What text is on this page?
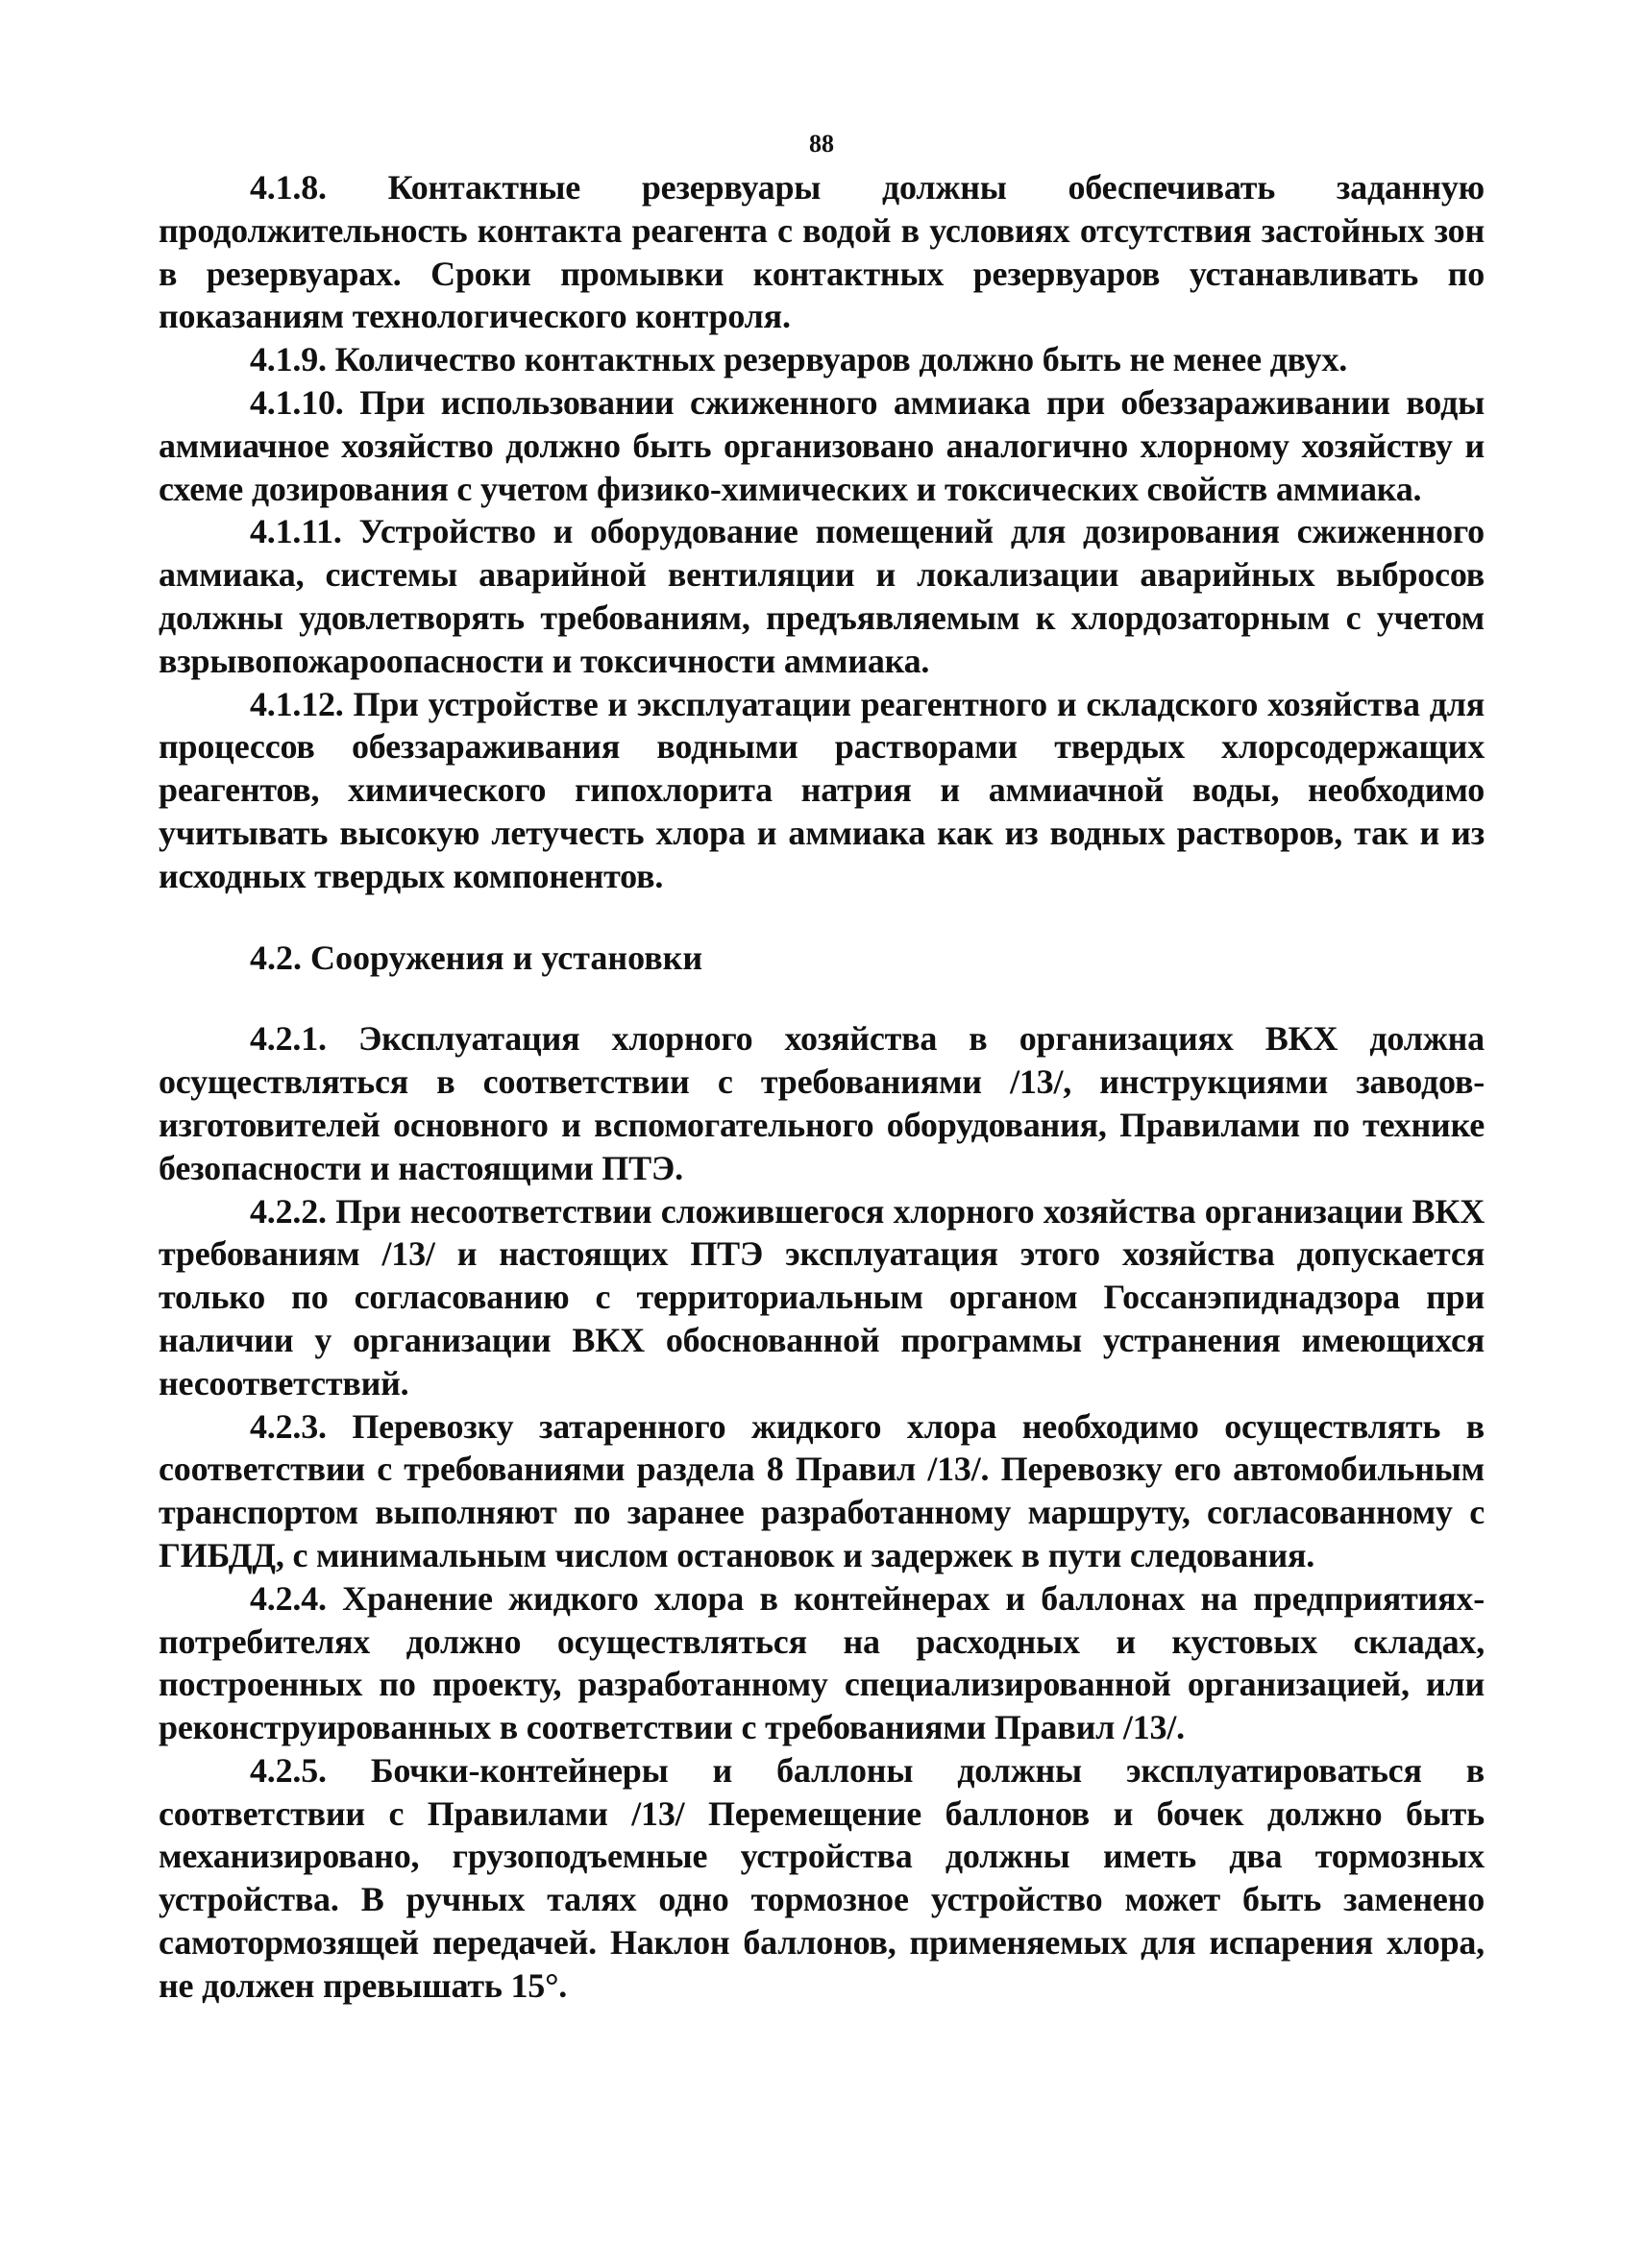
88

4.1.8. Контактные резервуары должны обеспечивать заданную продолжительность контакта реагента с водой в условиях отсутствия застойных зон в резервуарах. Сроки промывки контактных резервуаров устанавливать по показаниям технологического контроля.

4.1.9. Количество контактных резервуаров должно быть не менее двух.

4.1.10. При использовании сжиженного аммиака при обеззараживании воды аммиачное хозяйство должно быть организовано аналогично хлорному хозяйству и схеме дозирования с учетом физико-химических и токсических свойств аммиака.

4.1.11. Устройство и оборудование помещений для дозирования сжиженного аммиака, системы аварийной вентиляции и локализации аварийных выбросов должны удовлетворять требованиям, предъявляемым к хлордозаторным с учетом взрывопожароопасности и токсичности аммиака.

4.1.12. При устройстве и эксплуатации реагентного и складского хозяйства для процессов обеззараживания водными растворами твердых хлорсодержащих реагентов, химического гипохлорита натрия и аммиачной воды, необходимо учитывать высокую летучесть хлора и аммиака как из водных растворов, так и из исходных твердых компонентов.

4.2. Сооружения и установки

4.2.1. Эксплуатация хлорного хозяйства в организациях ВКХ должна осуществляться в соответствии с требованиями /13/, инструкциями заводов-изготовителей основного и вспомогательного оборудования, Правилами по технике безопасности и настоящими ПТЭ.

4.2.2. При несоответствии сложившегося хлорного хозяйства организации ВКХ требованиям /13/ и настоящих ПТЭ эксплуатация этого хозяйства допускается только по согласованию с территориальным органом Госсанэпиднадзора при наличии у организации ВКХ обоснованной программы устранения имеющихся несоответствий.

4.2.3. Перевозку затаренного жидкого хлора необходимо осуществлять в соответствии с требованиями раздела 8 Правил /13/. Перевозку его автомобильным транспортом выполняют по заранее разработанному маршруту, согласованному с ГИБДД, с минимальным числом остановок и задержек в пути следования.

4.2.4. Хранение жидкого хлора в контейнерах и баллонах на предприятиях-потребителях должно осуществляться на расходных и кустовых складах, построенных по проекту, разработанному специализированной организацией, или реконструированных в соответствии с требованиями Правил /13/.

4.2.5. Бочки-контейнеры и баллоны должны эксплуатироваться в соответствии с Правилами /13/ Перемещение баллонов и бочек должно быть механизировано, грузоподъемные устройства должны иметь два тормозных устройства. В ручных талях одно тормозное устройство может быть заменено самотормозящей передачей. Наклон баллонов, применяемых для испарения хлора, не должен превышать 15°.
